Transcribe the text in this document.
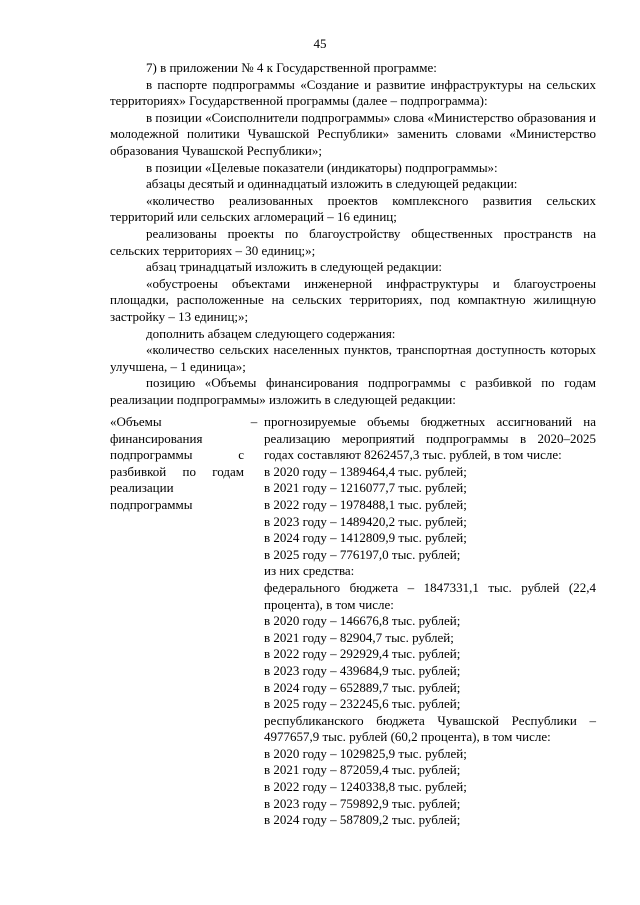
45

7) в приложении № 4 к Государственной программе:

в паспорте подпрограммы «Создание и развитие инфраструктуры на сельских территориях» Государственной программы (далее – подпрограмма):

в позиции «Соисполнители подпрограммы» слова «Министерство образования и молодежной политики Чувашской Республики» заменить словами «Министерство образования Чувашской Республики»;

в позиции «Целевые показатели (индикаторы) подпрограммы»:

абзацы десятый и одиннадцатый изложить в следующей редакции:

«количество реализованных проектов комплексного развития сельских территорий или сельских агломераций – 16 единиц;

реализованы проекты по благоустройству общественных пространств на сельских территориях – 30 единиц;»;

абзац тринадцатый изложить в следующей редакции:

«обустроены объектами инженерной инфраструктуры и благоустроены площадки, расположенные на сельских территориях, под компактную жилищную застройку – 13 единиц;»;

дополнить абзацем следующего содержания:

«количество сельских населенных пунктов, транспортная доступность которых улучшена, – 1 единица»;

позицию «Объемы финансирования подпрограммы с разбивкой по годам реализации подпрограммы» изложить в следующей редакции:

«Объемы финансирования подпрограммы с разбивкой по годам реализации подпрограммы
– прогнозируемые объемы бюджетных ассигнований на реализацию мероприятий подпрограммы в 2020–2025 годах составляют 8262457,3 тыс. рублей, в том числе:

в 2020 году – 1389464,4 тыс. рублей;

в 2021 году – 1216077,7 тыс. рублей;

в 2022 году – 1978488,1 тыс. рублей;

в 2023 году – 1489420,2 тыс. рублей;

в 2024 году – 1412809,9 тыс. рублей;

в 2025 году – 776197,0 тыс. рублей;

из них средства:

федерального бюджета – 1847331,1 тыс. рублей (22,4 процента), в том числе:

в 2020 году – 146676,8 тыс. рублей;

в 2021 году – 82904,7 тыс. рублей;

в 2022 году – 292929,4 тыс. рублей;

в 2023 году – 439684,9 тыс. рублей;

в 2024 году – 652889,7 тыс. рублей;

в 2025 году – 232245,6 тыс. рублей;

республиканского бюджета Чувашской Республики – 4977657,9 тыс. рублей (60,2 процента), в том числе:

в 2020 году – 1029825,9 тыс. рублей;

в 2021 году – 872059,4 тыс. рублей;

в 2022 году – 1240338,8 тыс. рублей;

в 2023 году – 759892,9 тыс. рублей;

в 2024 году – 587809,2 тыс. рублей;
